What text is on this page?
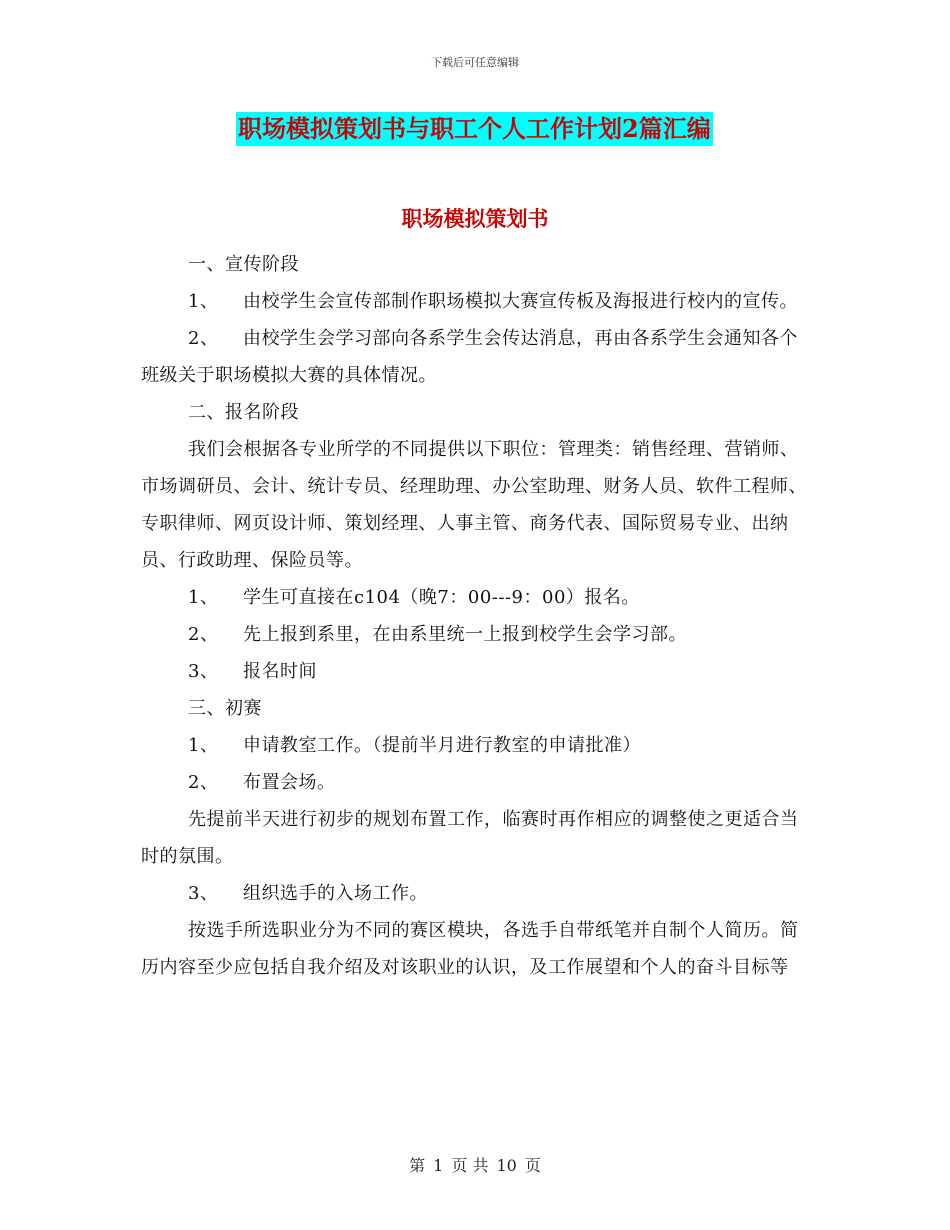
下载后可任意编辑
职场模拟策划书与职工个人工作计划2篇汇编
职场模拟策划书

一、宣传阶段

1、 由校学生会宣传部制作职场模拟大赛宣传板及海报进行校内的宣传。

2、 由校学生会学习部向各系学生会传达消息，再由各系学生会通知各个班级关于职场模拟大赛的具体情况。

二、报名阶段

我们会根据各专业所学的不同提供以下职位：管理类：销售经理、营销师、市场调研员、会计、统计专员、经理助理、办公室助理、财务人员、软件工程师、专职律师、网页设计师、策划经理、人事主管、商务代表、国际贸易专业、出纳员、行政助理、保险员等。

1、 学生可直接在c104（晚7：00---9：00）报名。

2、 先上报到系里，在由系里统一上报到校学生会学习部。

3、 报名时间

三、初赛

1、 申请教室工作。（提前半月进行教室的申请批准）

2、 布置会场。

先提前半天进行初步的规划布置工作，临赛时再作相应的调整使之更适合当时的氛围。

3、 组织选手的入场工作。

按选手所选职业分为不同的赛区模块，各选手自带纸笔并自制个人简历。简历内容至少应包括自我介绍及对该职业的认识，及工作展望和个人的奋斗目标等

第 1 页 共 10 页
